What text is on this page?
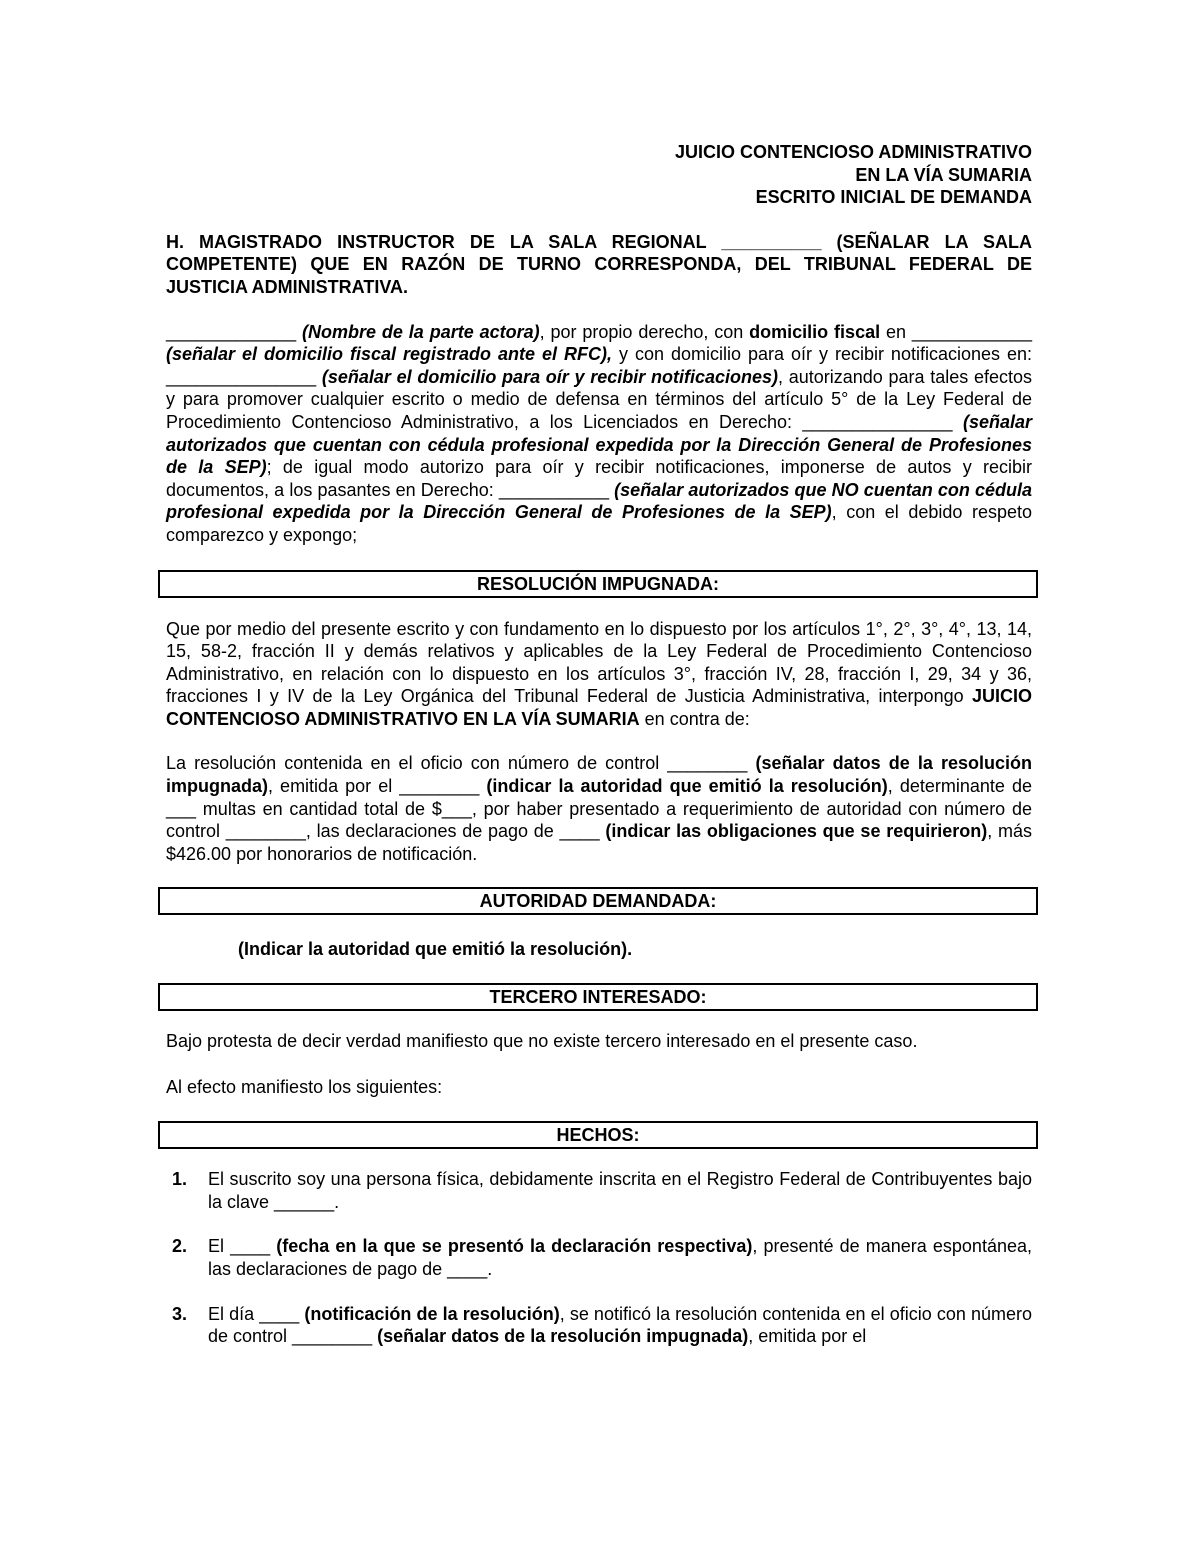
JUICIO CONTENCIOSO ADMINISTRATIVO
EN LA VÍA SUMARIA
ESCRITO INICIAL DE DEMANDA
H. MAGISTRADO INSTRUCTOR DE LA SALA REGIONAL __________ (SEÑALAR LA SALA COMPETENTE) QUE EN RAZÓN DE TURNO CORRESPONDA, DEL TRIBUNAL FEDERAL DE JUSTICIA ADMINISTRATIVA.

_____________ (Nombre de la parte actora), por propio derecho, con domicilio fiscal en ____________ (señalar el domicilio fiscal registrado ante el RFC), y con domicilio para oír y recibir notificaciones en: _______________ (señalar el domicilio para oír y recibir notificaciones), autorizando para tales efectos y para promover cualquier escrito o medio de defensa en términos del artículo 5° de la Ley Federal de Procedimiento Contencioso Administrativo, a los Licenciados en Derecho: _______________ (señalar autorizados que cuentan con cédula profesional expedida por la Dirección General de Profesiones de la SEP); de igual modo autorizo para oír y recibir notificaciones, imponerse de autos y recibir documentos, a los pasantes en Derecho: ___________ (señalar autorizados que NO cuentan con cédula profesional expedida por la Dirección General de Profesiones de la SEP), con el debido respeto comparezco y expongo;

RESOLUCIÓN IMPUGNADA:

Que por medio del presente escrito y con fundamento en lo dispuesto por los artículos 1°, 2°, 3°, 4°, 13, 14, 15, 58-2, fracción II y demás relativos y aplicables de la Ley Federal de Procedimiento Contencioso Administrativo, en relación con lo dispuesto en los artículos 3°, fracción IV, 28, fracción I, 29, 34 y 36, fracciones I y IV de la Ley Orgánica del Tribunal Federal de Justicia Administrativa, interpongo JUICIO CONTENCIOSO ADMINISTRATIVO EN LA VÍA SUMARIA en contra de:

La resolución contenida en el oficio con número de control ________ (señalar datos de la resolución impugnada), emitida por el ________ (indicar la autoridad que emitió la resolución), determinante de ___ multas en cantidad total de $___, por haber presentado a requerimiento de autoridad con número de control ________, las declaraciones de pago de ____ (indicar las obligaciones que se requirieron), más $426.00 por honorarios de notificación.

AUTORIDAD DEMANDADA:

(Indicar la autoridad que emitió la resolución).

TERCERO INTERESADO:

Bajo protesta de decir verdad manifiesto que no existe tercero interesado en el presente caso.

Al efecto manifiesto los siguientes:

HECHOS:
1. El suscrito soy una persona física, debidamente inscrita en el Registro Federal de Contribuyentes bajo la clave ______.
2. El ____ (fecha en la que se presentó la declaración respectiva), presenté de manera espontánea, las declaraciones de pago de ____.
3. El día ____ (notificación de la resolución), se notificó la resolución contenida en el oficio con número de control ________ (señalar datos de la resolución impugnada), emitida por el
